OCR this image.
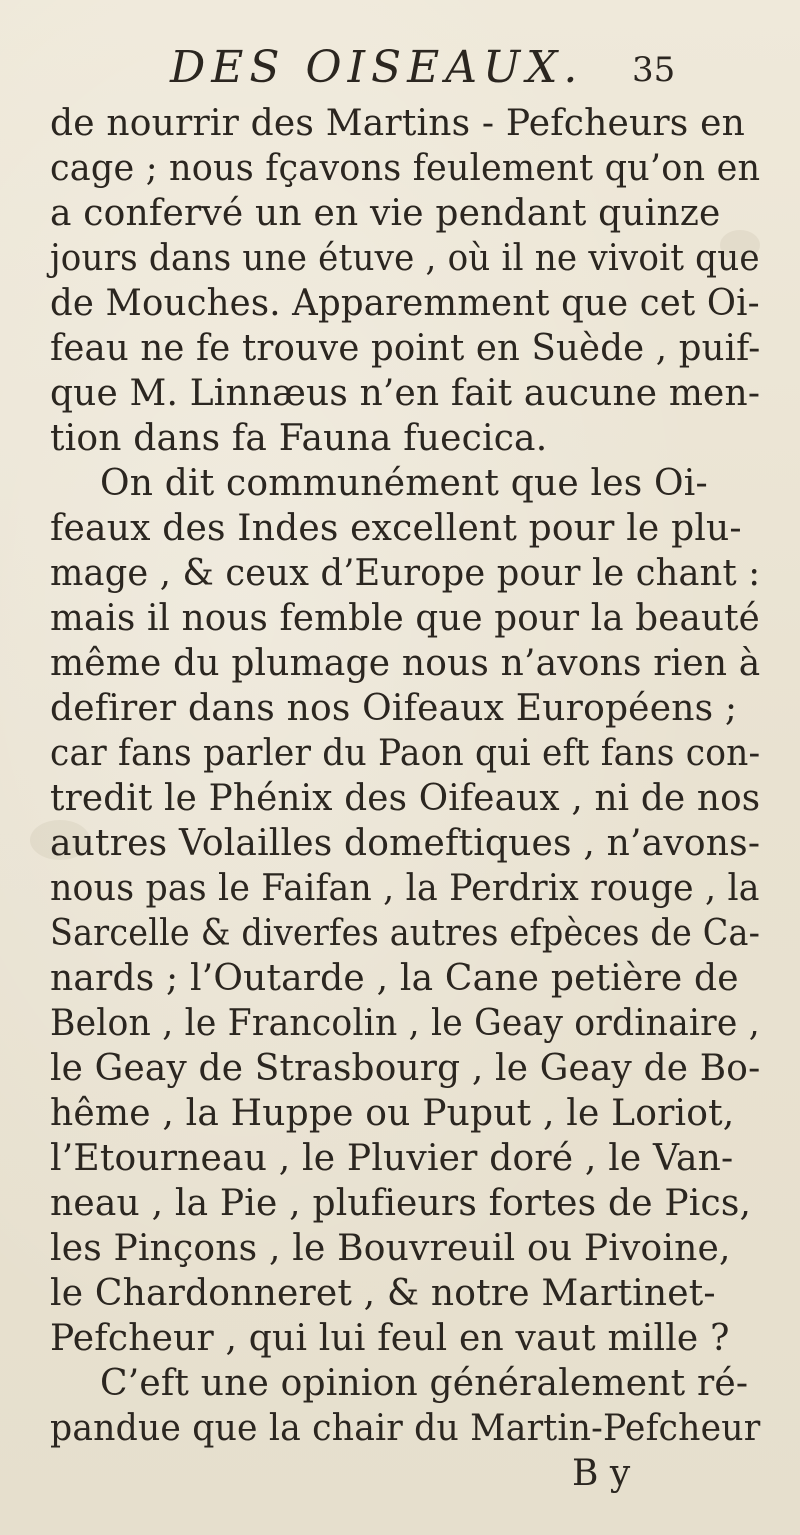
DES OISEAUX. 35
de nourrir des Martins - Pefcheurs en
cage ; nous fçavons feulement qu’on en
a confervé un en vie pendant quinze
jours dans une étuve , où il ne vivoit que
de Mouches. Apparemment que cet Oi-
feau ne fe trouve point en Suède , puif-
que M. Linnæus n’en fait aucune men-
tion dans fa Fauna fuecica.
On dit communément que les Oi-
feaux des Indes excellent pour le plu-
mage , & ceux d’Europe pour le chant :
mais il nous femble que pour la beauté
même du plumage nous n’avons rien à
defirer dans nos Oifeaux Européens ;
car fans parler du Paon qui eft fans con-
tredit le Phénix des Oifeaux , ni de nos
autres Volailles domeftiques , n’avons-
nous pas le Faifan , la Perdrix rouge , la
Sarcelle & diverfes autres efpèces de Ca-
nards ; l’Outarde , la Cane petière de
Belon , le Francolin , le Geay ordinaire ,
le Geay de Strasbourg , le Geay de Bo-
hême , la Huppe ou Puput , le Loriot,
l’Etourneau , le Pluvier doré , le Van-
neau , la Pie , plufieurs fortes de Pics,
les Pinçons , le Bouvreuil ou Pivoine,
le Chardonneret , & notre Martinet-
Pefcheur , qui lui feul en vaut mille ?
C’eft une opinion généralement ré-
pandue que la chair du Martin-Pefcheur
B y
